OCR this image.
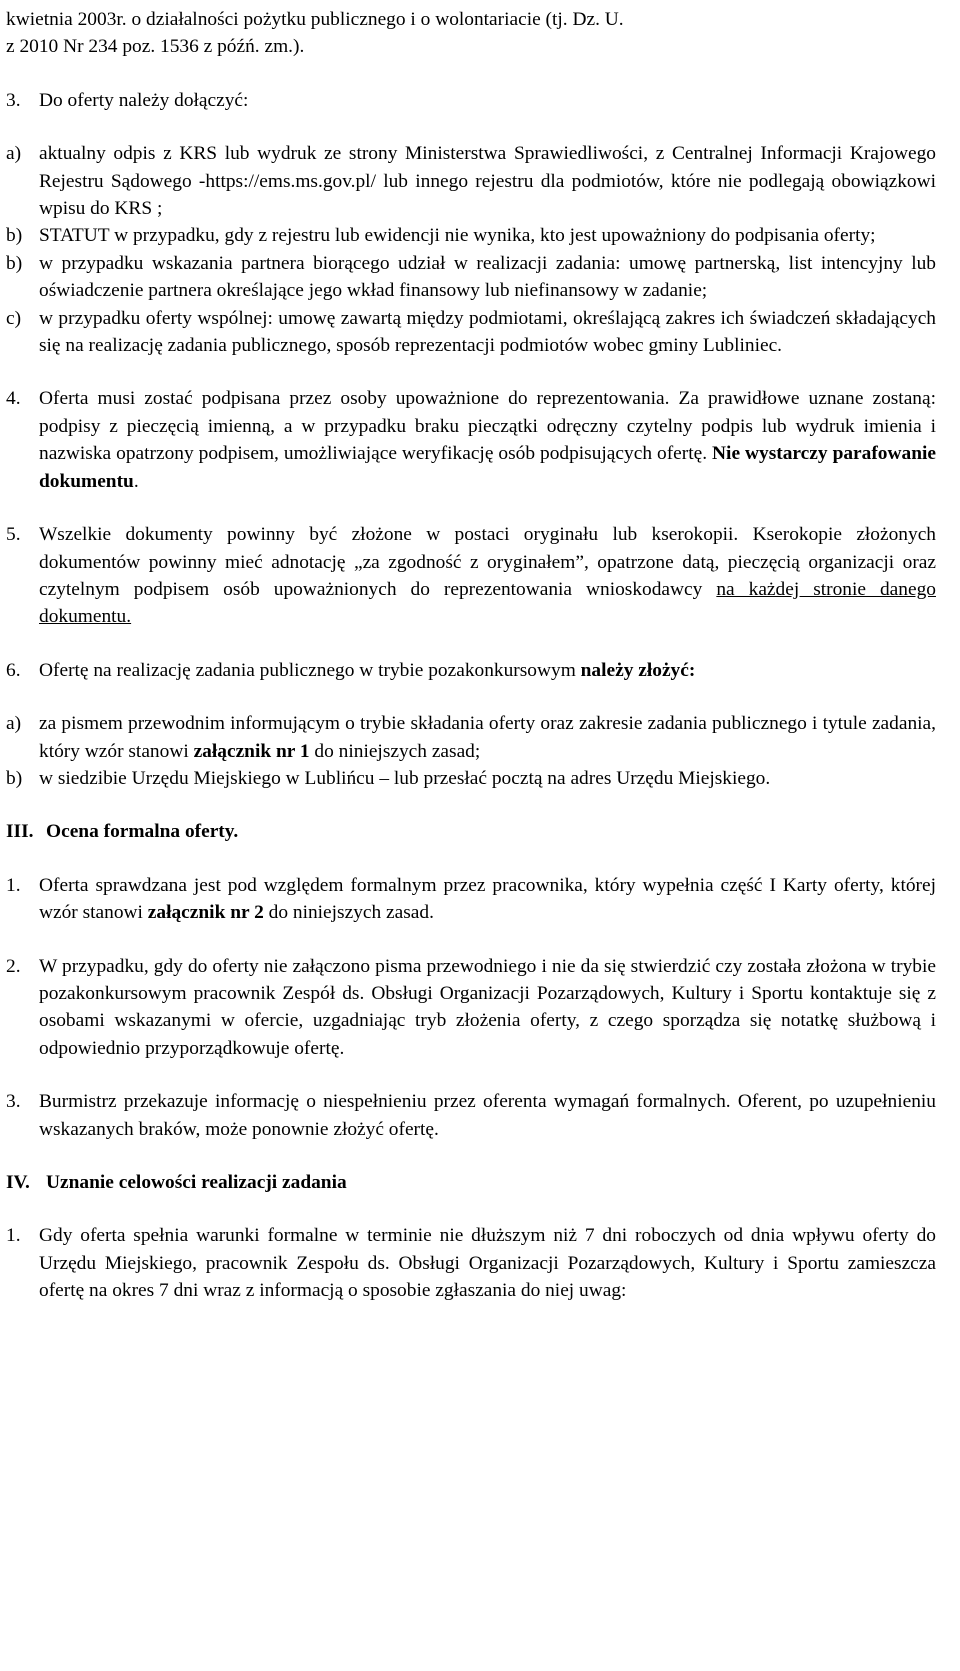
kwietnia 2003r. o działalności pożytku publicznego i o wolontariacie (tj. Dz. U.
z 2010 Nr 234 poz. 1536 z późń. zm.).
3. Do oferty należy dołączyć:
a) aktualny odpis z KRS lub wydruk ze strony Ministerstwa Sprawiedliwości, z Centralnej Informacji Krajowego Rejestru Sądowego -https://ems.ms.gov.pl/ lub innego rejestru dla podmiotów, które nie podlegają obowiązkowi wpisu do KRS ;
b) STATUT w przypadku, gdy z rejestru lub ewidencji nie wynika, kto jest upoważniony do podpisania oferty;
b) w przypadku wskazania partnera biorącego udział w realizacji zadania: umowę partnerską, list intencyjny lub oświadczenie partnera określające jego wkład finansowy lub niefinansowy w zadanie;
c) w przypadku oferty wspólnej: umowę zawartą między podmiotami, określającą zakres ich świadczeń składających się na realizację zadania publicznego, sposób reprezentacji podmiotów wobec gminy Lubliniec.
4. Oferta musi zostać podpisana przez osoby upoważnione do reprezentowania. Za prawidłowe uznane zostaną: podpisy z pieczęcią imienną, a w przypadku braku pieczątki odręczny czytelny podpis lub wydruk imienia i nazwiska opatrzony podpisem, umożliwiające weryfikację osób podpisujących ofertę. Nie wystarczy parafowanie dokumentu.
5. Wszelkie dokumenty powinny być złożone w postaci oryginału lub kserokopii. Kserokopie złożonych dokumentów powinny mieć adnotację „za zgodność z oryginałem”, opatrzone datą, pieczęcią organizacji oraz czytelnym podpisem osób upoważnionych do reprezentowania wnioskodawcy na każdej stronie danego dokumentu.
6. Ofertę na realizację zadania publicznego w trybie pozakonkursowym należy złożyć:
a) za pismem przewodnim informującym o trybie składania oferty oraz zakresie zadania publicznego i tytule zadania, który wzór stanowi załącznik nr 1 do niniejszych zasad;
b) w siedzibie Urzędu Miejskiego w Lublińcu – lub przesłać pocztą na adres Urzędu Miejskiego.
III. Ocena formalna oferty.
1. Oferta sprawdzana jest pod względem formalnym przez pracownika, który wypełnia część I Karty oferty, której wzór stanowi załącznik nr 2 do niniejszych zasad.
2. W przypadku, gdy do oferty nie załączono pisma przewodniego i nie da się stwierdzić czy została złożona w trybie pozakonkursowym pracownik Zespół ds. Obsługi Organizacji Pozarządowych, Kultury i Sportu kontaktuje się z osobami wskazanymi w ofercie, uzgadniając tryb złożenia oferty, z czego sporządza się notatkę służbową i odpowiednio przyporządkowuje ofertę.
3. Burmistrz przekazuje informację o niespełnieniu przez oferenta wymagań formalnych. Oferent, po uzupełnieniu wskazanych braków, może ponownie złożyć ofertę.
IV. Uznanie celowości realizacji zadania
1. Gdy oferta spełnia warunki formalne w terminie nie dłuższym niż 7 dni roboczych od dnia wpływu oferty do Urzędu Miejskiego, pracownik Zespołu ds. Obsługi Organizacji Pozarządowych, Kultury i Sportu zamieszcza ofertę na okres 7 dni wraz z informacją o sposobie zgłaszania do niej uwag:
